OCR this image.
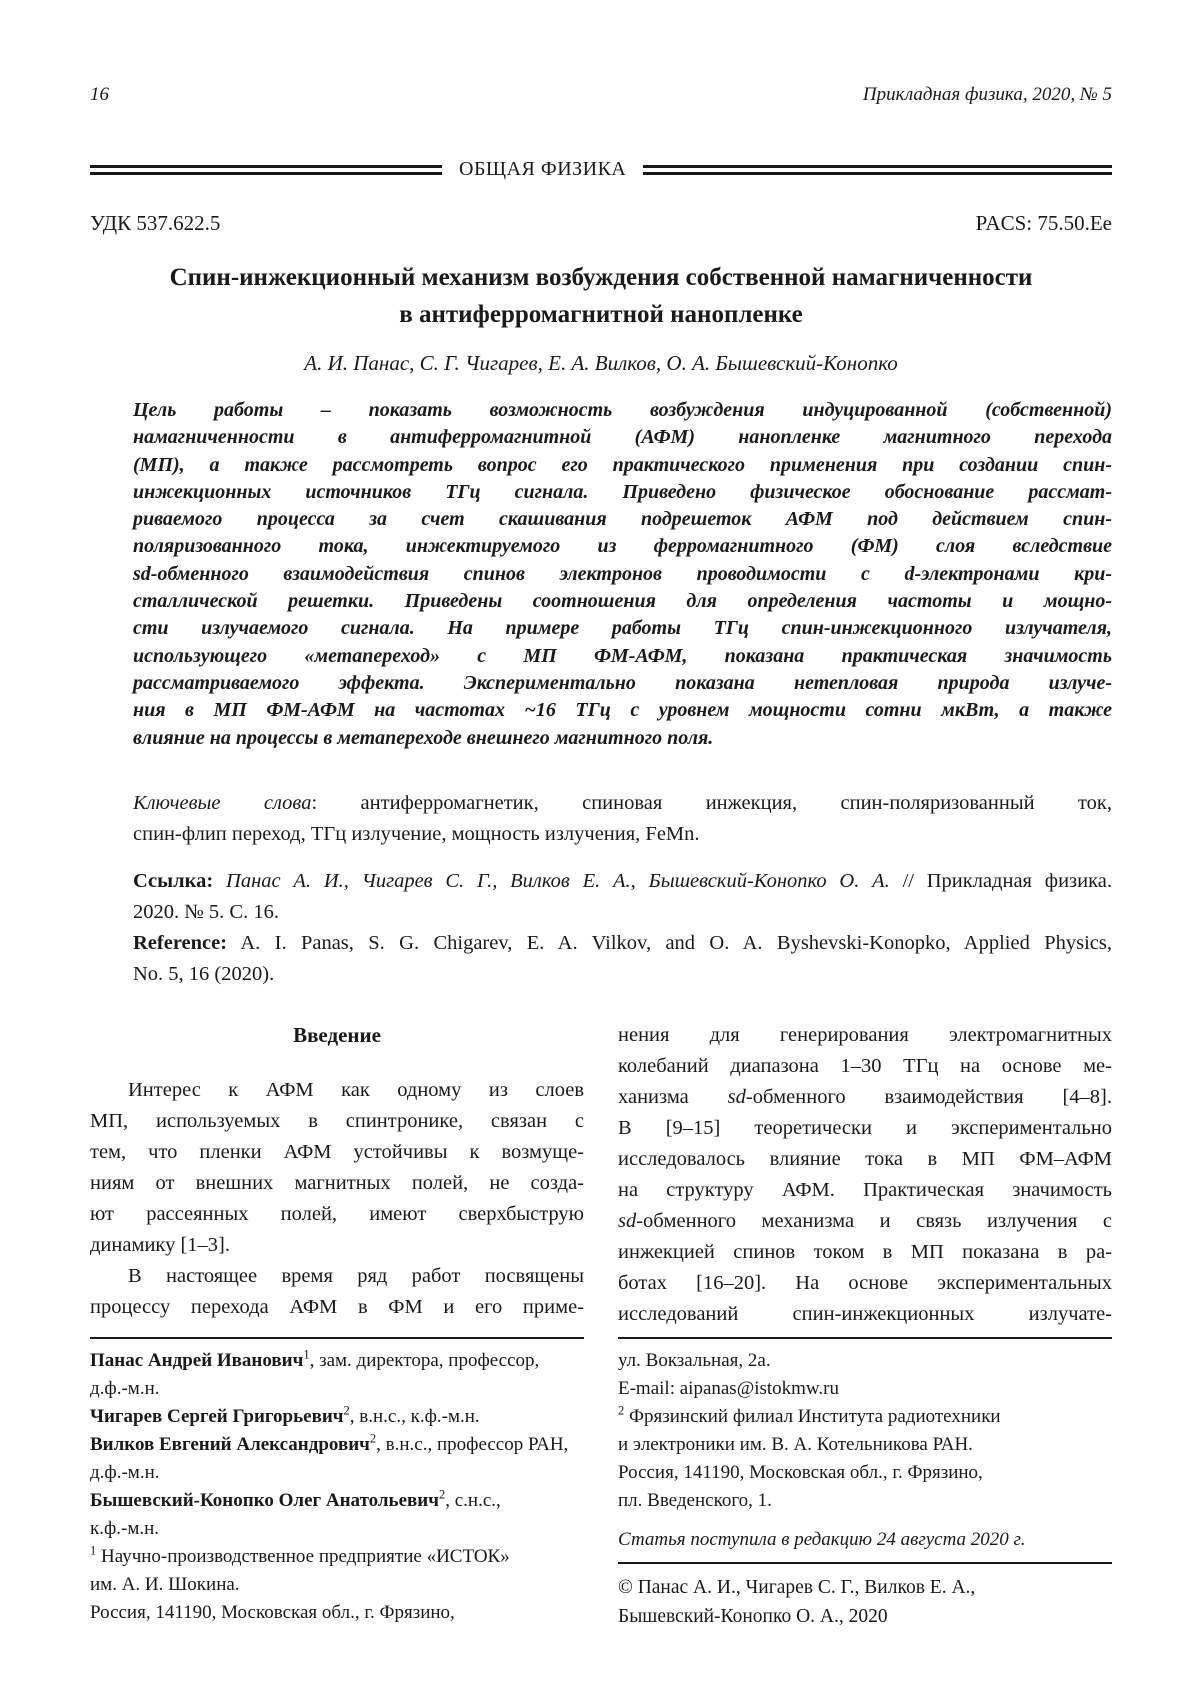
16	Прикладная физика, 2020, № 5
ОБЩАЯ ФИЗИКА
УДК 537.622.5	PACS: 75.50.Ee
Спин-инжекционный механизм возбуждения собственной намагниченности
в антиферромагнитной нанопленке
А. И. Панас, С. Г. Чигарев, Е. А. Вилков, О. А. Бышевский-Конопко
Цель работы – показать возможность возбуждения индуцированной (собственной)
намагниченности в антиферромагнитной (АФМ) нанопленке магнитного перехода
(МП), а также рассмотреть вопрос его практического применения при создании спин-
инжекционных источников ТГц сигнала. Приведено физическое обоснование рассмат-
риваемого процесса за счет скашивания подрешеток АФМ под действием спин-
поляризованного тока, инжектируемого из ферромагнитного (ФМ) слоя вследствие
sd-обменного взаимодействия спинов электронов проводимости с d-электронами кри-
сталлической решетки. Приведены соотношения для определения частоты и мощно-
сти излучаемого сигнала. На примере работы ТГц спин-инжекционного излучателя,
использующего «метапереход» с МП ФМ-АФМ, показана практическая значимость
рассматриваемого эффекта. Экспериментально показана нетепловая природа излуче-
ния в МП ФМ-АФМ на частотах ~16 ТГц с уровнем мощности сотни мкВт, а также
влияние на процессы в метапереходе внешнего магнитного поля.
Ключевые слова: антиферромагнетик, спиновая инжекция, спин-поляризованный ток,
спин-флип переход, ТГц излучение, мощность излучения, FeMn.
Ссылка: Панас А. И., Чигарев С. Г., Вилков Е. А., Бышевский-Конопко О. А. // Прикладная физика.
2020. № 5. С. 16.
Reference: A. I. Panas, S. G. Chigarev, E. A. Vilkov, and O. A. Byshevski-Konopko, Applied Physics,
No. 5, 16 (2020).
Введение
Интерес к АФМ как одному из слоев
МП, используемых в спинтронике, связан с
тем, что пленки АФМ устойчивы к возмуще-
ниям от внешних магнитных полей, не созда-
ют рассеянных полей, имеют сверхбыструю
динамику [1–3].
В настоящее время ряд работ посвящены
процессу перехода АФМ в ФМ и его приме-
Панас Андрей Иванович$^1$, зам. директора, профессор,
д.ф.-м.н.
Чигарев Сергей Григорьевич$^2$, в.н.с., к.ф.-м.н.
Вилков Евгений Александрович$^2$, в.н.с., профессор РАН,
д.ф.-м.н.
Бышевский-Конопко Олег Анатольевич$^2$, с.н.с.,
к.ф.-м.н.
$^1$ Научно-производственное предприятие «ИСТОК»
им. А. И. Шокина.
Россия, 141190, Московская обл., г. Фрязино,
нения для генерирования электромагнитных
колебаний диапазона 1–30 ТГц на основе ме-
ханизма sd-обменного взаимодействия [4–8].
В [9–15] теоретически и экспериментально
исследовалось влияние тока в МП ФМ–АФМ
на структуру АФМ. Практическая значимость
sd-обменного механизма и связь излучения с
инжекцией спинов током в МП показана в ра-
ботах [16–20]. На основе экспериментальных
исследований спин-инжекционных излучате-
ул. Вокзальная, 2а.
E-mail: aipanas@istokmw.ru
$^2$ Фрязинский филиал Института радиотехники
и электроники им. В. А. Котельникова РАН.
Россия, 141190, Московская обл., г. Фрязино,
пл. Введенского, 1.
Статья поступила в редакцию 24 августа 2020 г.
© Панас А. И., Чигарев С. Г., Вилков Е. А.,
Бышевский-Конопко О. А., 2020
